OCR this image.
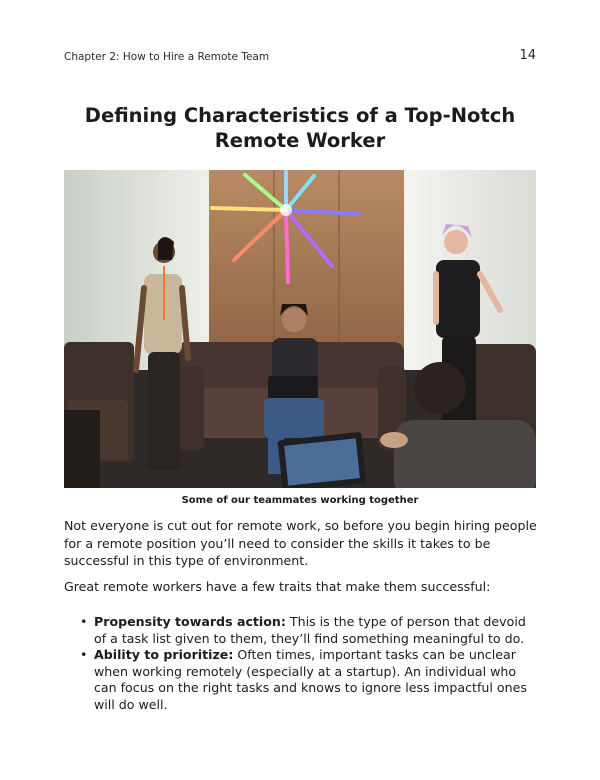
Chapter 2: How to Hire a Remote Team	14
Defining Characteristics of a Top-Notch Remote Worker
Some of our teammates working together

Not everyone is cut out for remote work, so before you begin hiring people for a remote position you’ll need to consider the skills it takes to be successful in this type of environment.

Great remote workers have a few traits that make them successful:

• Propensity towards action: This is the type of person that devoid of a task list given to them, they’ll find something meaningful to do.
• Ability to prioritize: Often times, important tasks can be unclear when working remotely (especially at a startup). An individual who can focus on the right tasks and knows to ignore less impactful ones will do well.
